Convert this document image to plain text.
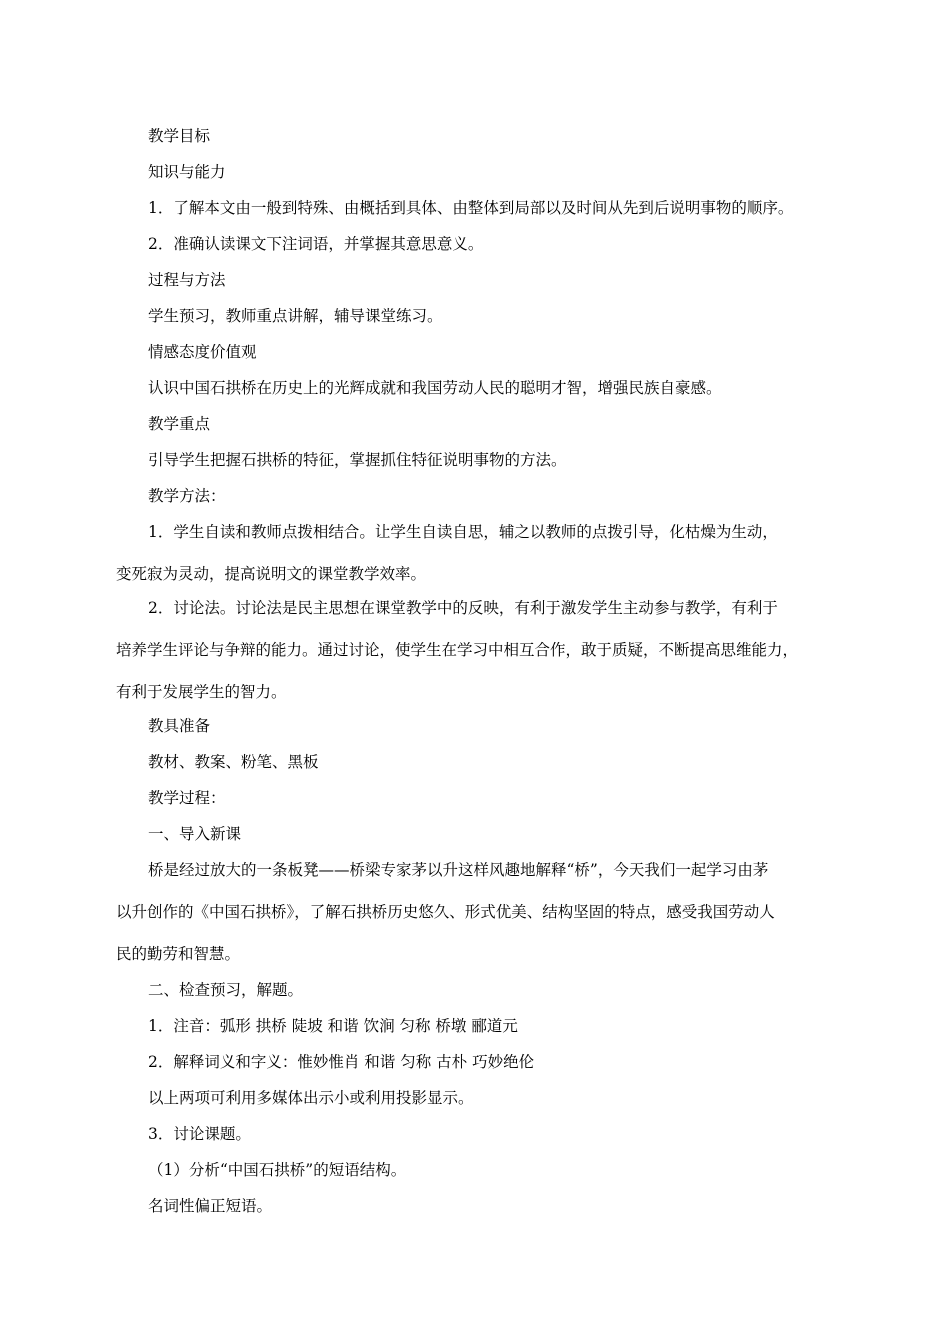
教学目标
知识与能力
1．了解本文由一般到特殊、由概括到具体、由整体到局部以及时间从先到后说明事物的顺序。
2．准确认读课文下注词语，并掌握其意思意义。
过程与方法
学生预习，教师重点讲解，辅导课堂练习。
情感态度价值观
认识中国石拱桥在历史上的光辉成就和我国劳动人民的聪明才智，增强民族自豪感。
教学重点
引导学生把握石拱桥的特征，掌握抓住特征说明事物的方法。
教学方法：
1．学生自读和教师点拨相结合。让学生自读自思，辅之以教师的点拨引导，化枯燥为生动，
变死寂为灵动，提高说明文的课堂教学效率。
2．讨论法。讨论法是民主思想在课堂教学中的反映，有利于激发学生主动参与教学，有利于
培养学生评论与争辩的能力。通过讨论，使学生在学习中相互合作，敢于质疑，不断提高思维能力，
有利于发展学生的智力。
教具准备
教材、教案、粉笔、黑板
教学过程：
一、导入新课
桥是经过放大的一条板凳——桥梁专家茅以升这样风趣地解释“桥”，今天我们一起学习由茅
以升创作的《中国石拱桥》，了解石拱桥历史悠久、形式优美、结构坚固的特点，感受我国劳动人
民的勤劳和智慧。
二、检查预习，解题。
1．注音：弧形 拱桥 陡坡 和谐 饮涧 匀称 桥墩 郦道元
2．解释词义和字义：惟妙惟肖 和谐 匀称 古朴 巧妙绝伦
以上两项可利用多媒体出示小或利用投影显示。
3．讨论课题。
（1）分析“中国石拱桥”的短语结构。
名词性偏正短语。
